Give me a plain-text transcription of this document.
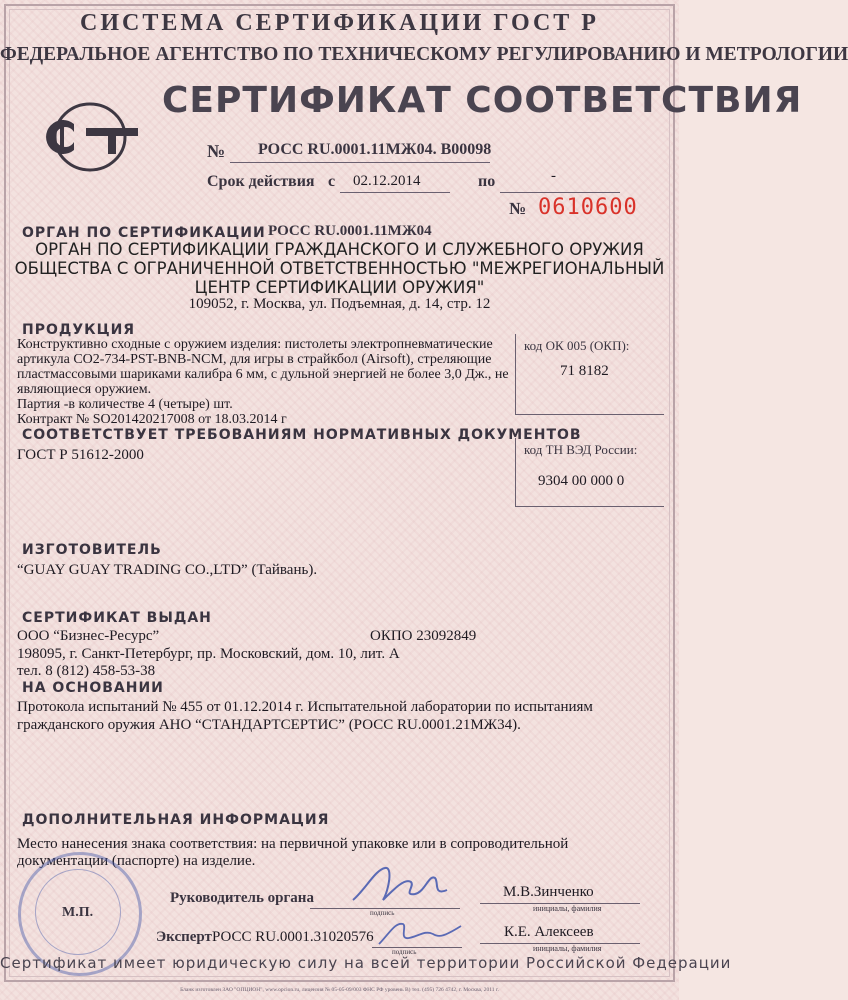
СИСТЕМА СЕРТИФИКАЦИИ ГОСТ Р
ФЕДЕРАЛЬНОЕ АГЕНТСТВО ПО ТЕХНИЧЕСКОМУ РЕГУЛИРОВАНИЮ И МЕТРОЛОГИИ
СЕРТИФИКАТ СООТВЕТСТВИЯ
№ РОСС RU.0001.11МЖ04. В00098
Срок действия с 02.12.2014	по	-
№ 0610600
ОРГАН ПО СЕРТИФИКАЦИИ РОСС RU.0001.11МЖ04
ОРГАН ПО СЕРТИФИКАЦИИ ГРАЖДАНСКОГО И СЛУЖЕБНОГО ОРУЖИЯ
ОБЩЕСТВА С ОГРАНИЧЕННОЙ ОТВЕТСТВЕННОСТЬЮ "МЕЖРЕГИОНАЛЬНЫЙ
ЦЕНТР СЕРТИФИКАЦИИ ОРУЖИЯ"
109052, г. Москва, ул. Подъемная, д. 14, стр. 12
ПРОДУКЦИЯ
Конструктивно сходные с оружием изделия: пистолеты электропневматические
артикула СО2-734-PST-BNB-NCM, для игры в страйкбол (Airsoft), стреляющие
пластмассовыми шариками калибра 6 мм, с дульной энергией не более 3,0 Дж., не
являющиеся оружием.
Партия -в количестве 4 (четыре) шт.
Контракт № SO201420217008 от 18.03.2014 г
код ОК 005 (ОКП):
71 8182
СООТВЕТСТВУЕТ ТРЕБОВАНИЯМ НОРМАТИВНЫХ ДОКУМЕНТОВ
ГОСТ Р 51612-2000	код ТН ВЭД России:
9304 00 000 0
ИЗГОТОВИТЕЛЬ
“GUAY GUAY TRADING CO.,LTD” (Тайвань).
СЕРТИФИКАТ ВЫДАН
ООО “Бизнес-Ресурс”	ОКПО 23092849
198095, г. Санкт-Петербург, пр. Московский, дом. 10, лит. А
тел. 8 (812) 458-53-38
НА ОСНОВАНИИ
Протокола испытаний № 455 от 01.12.2014 г. Испытательной лаборатории по испытаниям
гражданского оружия АНО “СТАНДАРТСЕРТИС” (РОСС RU.0001.21МЖ34).
ДОПОЛНИТЕЛЬНАЯ ИНФОРМАЦИЯ
Место нанесения знака соответствия: на первичной упаковке или в сопроводительной
документации (паспорте) на изделие.
М.П.
Руководитель органа
подпись
М.В.Зинченко
инициалы, фамилия
Эксперт РОСС RU.0001.31020576
подпись
К.Е. Алексеев
инициалы, фамилия
Сертификат имеет юридическую силу на всей территории Российской Федерации
Бланк изготовлен ЗАО "ОПЦИОН", www.opcion.ru, лицензия № 05-05-09/003 ФНС РФ уровень В) тел. (495) 726 4742, г. Москва, 2011 г.
